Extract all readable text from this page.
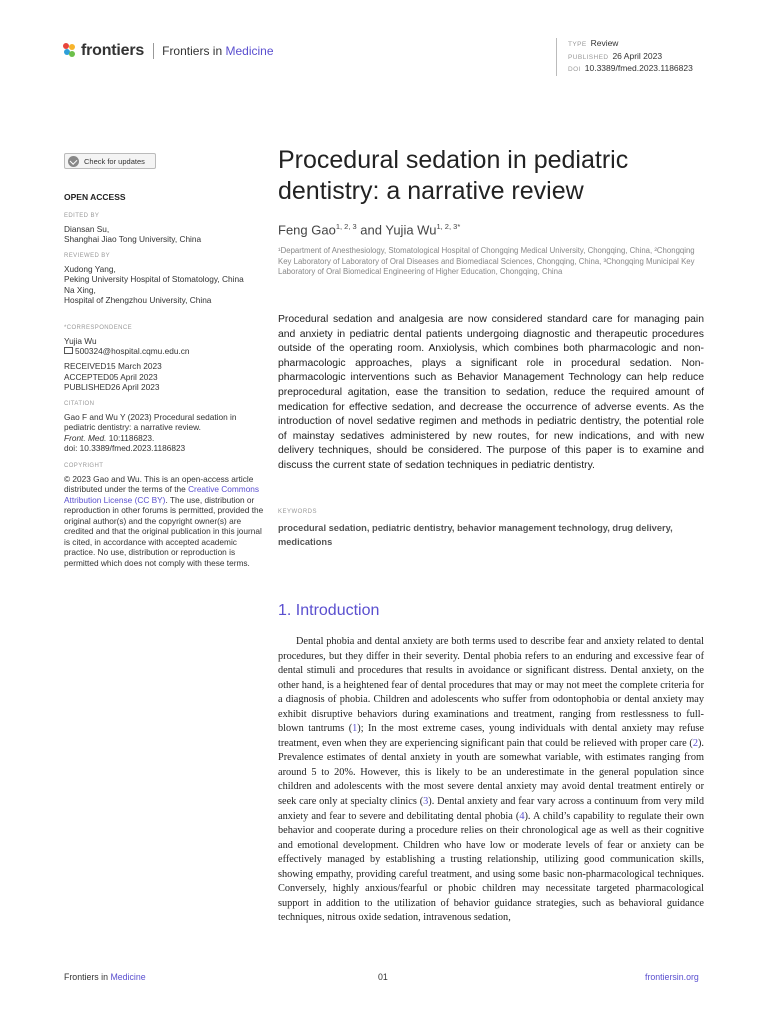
frontiers Frontiers in Medicine	TYPE Review
PUBLISHED 26 April 2023
DOI 10.3389/fmed.2023.1186823
Check for updates
OPEN ACCESS
EDITED BY
Diansan Su,
Shanghai Jiao Tong University, China
REVIEWED BY
Xudong Yang,
Peking University Hospital of Stomatology, China
Na Xing,
Hospital of Zhengzhou University, China
*CORRESPONDENCE
Yujia Wu
500324@hospital.cqmu.edu.cn
RECEIVED15 March 2023
ACCEPTED05 April 2023
PUBLISHED26 April 2023
CITATION
Gao F and Wu Y (2023) Procedural sedation in pediatric dentistry: a narrative review.
Front. Med. 10:1186823.
doi: 10.3389/fmed.2023.1186823
COPYRIGHT
© 2023 Gao and Wu. This is an open-access article distributed under the terms of the Creative Commons Attribution License (CC BY). The use, distribution or reproduction in other forums is permitted, provided the original author(s) and the copyright owner(s) are credited and that the original publication in this journal is cited, in accordance with accepted academic practice. No use, distribution or reproduction is permitted which does not comply with these terms.
Procedural sedation in pediatric dentistry: a narrative review
Feng Gao$^{1, 2, 3}$ and Yujia $Wu^{1, 2, 3*}$
¹Department of Anesthesiology, Stomatological Hospital of Chongqing Medical University, Chongqing, China, ²Chongqing Key Laboratory of Laboratory of Oral Diseases and Biomediacal Sciences, Chongqing, China, ³Chongqing Municipal Key Laboratory of Oral Biomedical Engineering of Higher Education, Chongqing, China
Procedural sedation and analgesia are now considered standard care for managing pain and anxiety in pediatric dental patients undergoing diagnostic and therapeutic procedures outside of the operating room. Anxiolysis, which combines both pharmacologic and non-pharmacologic approaches, plays a significant role in procedural sedation. Non-pharmacologic interventions such as Behavior Management Technology can help reduce preprocedural agitation, ease the transition to sedation, reduce the required amount of medication for effective sedation, and decrease the occurrence of adverse events. As the introduction of novel sedative regimen and methods in pediatric dentistry, the potential role of mainstay sedatives administered by new routes, for new indications, and with new delivery techniques, should be considered. The purpose of this paper is to examine and discuss the current state of sedation techniques in pediatric dentistry.
KEYWORDS
procedural sedation, pediatric dentistry, behavior management technology, drug delivery, medications
1. Introduction
Dental phobia and dental anxiety are both terms used to describe fear and anxiety related to dental procedures, but they differ in their severity. Dental phobia refers to an enduring and excessive fear of dental stimuli and procedures that results in avoidance or significant distress. Dental anxiety, on the other hand, is a heightened fear of dental procedures that may or may not meet the complete criteria for a diagnosis of phobia. Children and adolescents who suffer from odontophobia or dental anxiety may exhibit disruptive behaviors during examinations and treatment, ranging from restlessness to full-blown tantrums (1); In the most extreme cases, young individuals with dental anxiety may refuse treatment, even when they are experiencing significant pain that could be relieved with proper care (2). Prevalence estimates of dental anxiety in youth are somewhat variable, with estimates ranging from around 5 to 20%. However, this is likely to be an underestimate in the general population since children and adolescents with the most severe dental anxiety may avoid dental treatment entirely or seek care only at specialty clinics (3). Dental anxiety and fear vary across a continuum from very mild anxiety and fear to severe and debilitating dental phobia (4). A child’s capability to regulate their own behavior and cooperate during a procedure relies on their chronological age as well as their cognitive and emotional development. Children who have low or moderate levels of fear or anxiety can be effectively managed by establishing a trusting relationship, utilizing good communication skills, showing empathy, providing careful treatment, and using some basic non-pharmacological techniques. Conversely, highly anxious/fearful or phobic children may necessitate targeted pharmacological support in addition to the utilization of behavior guidance strategies, such as behavioral guidance techniques, nitrous oxide sedation, intravenous sedation,
Frontiers in Medicine	01	frontiersin.org
